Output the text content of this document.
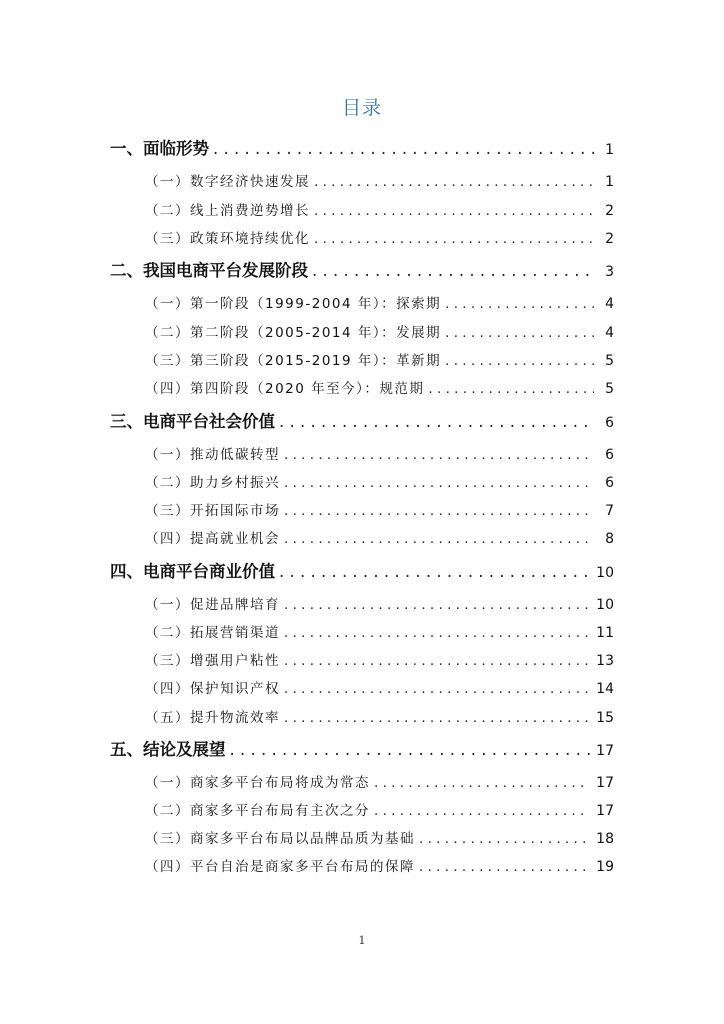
目录
一、面临形势 . . .	1
（一）数字经济快速发展 . . .	1
（二）线上消费逆势增长 . . .	2
（三）政策环境持续优化 . . .	2
二、我国电商平台发展阶段 . . .	3
（一）第一阶段（1999-2004 年）：探索期 . . .	4
（二）第二阶段（2005-2014 年）：发展期 . . .	4
（三）第三阶段（2015-2019 年）：革新期 . . .	5
（四）第四阶段（2020 年至今）：规范期 . . .	5
三、电商平台社会价值 . . .	6
（一）推动低碳转型 . . .	6
（二）助力乡村振兴 . . .	6
（三）开拓国际市场 . . .	7
（四）提高就业机会 . . .	8
四、电商平台商业价值 . . .	10
（一）促进品牌培育 . . .	10
（二）拓展营销渠道 . . .	11
（三）增强用户粘性 . . .	13
（四）保护知识产权 . . .	14
（五）提升物流效率 . . .	15
五、结论及展望 . . .	17
（一）商家多平台布局将成为常态 . . .	17
（二）商家多平台布局有主次之分 . . .	17
（三）商家多平台布局以品牌品质为基础 . . .	18
（四）平台自治是商家多平台布局的保障 . . .	19
1
